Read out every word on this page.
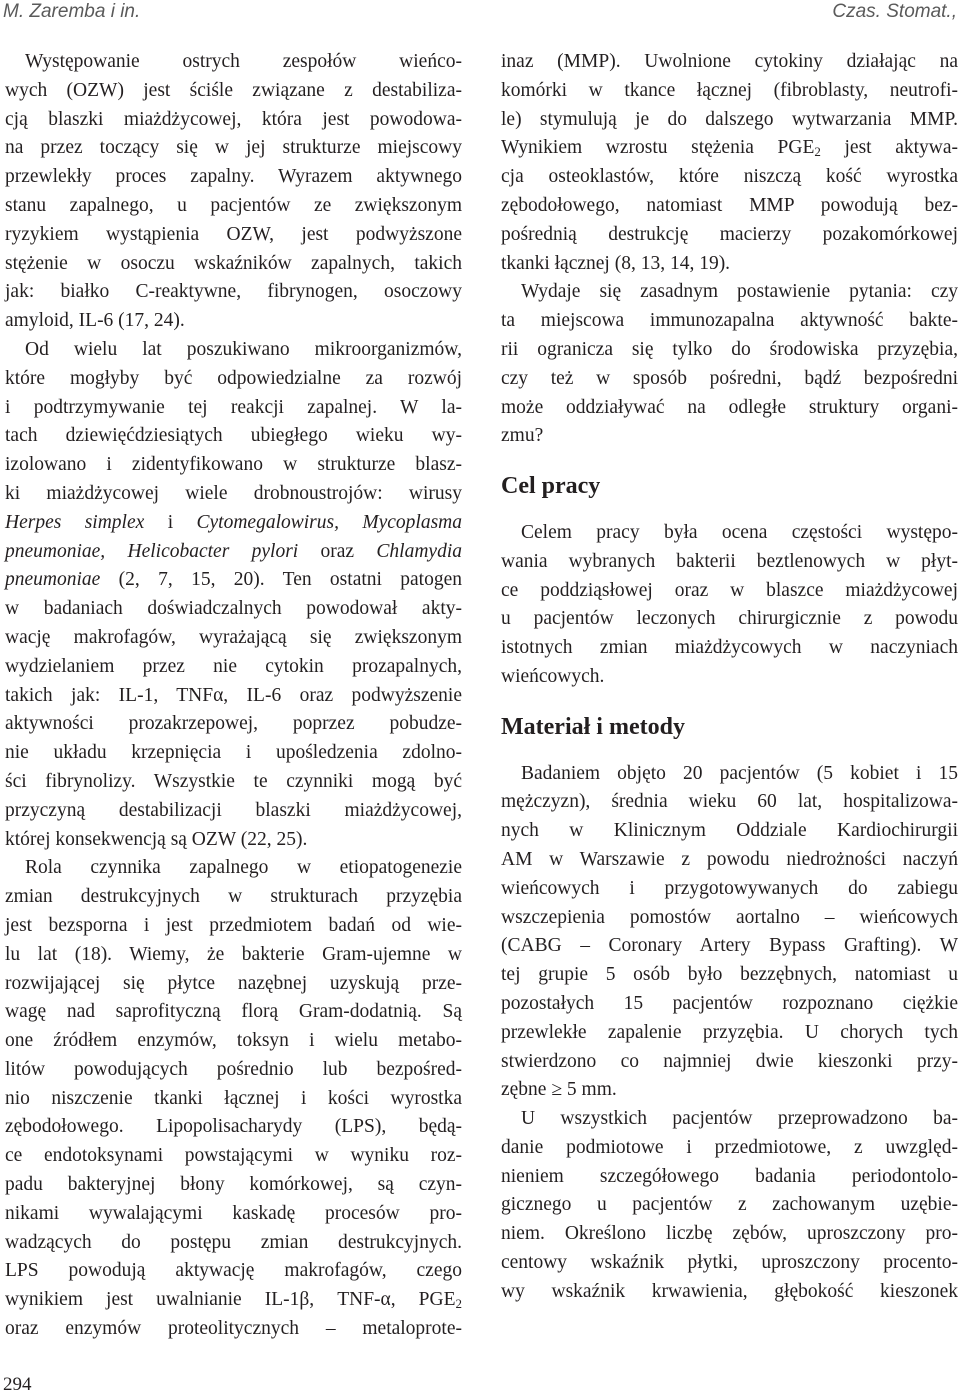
M. Zaremba i in.	Czas. Stomat.,
Występowanie ostrych zespołów wieńco-
wych (OZW) jest ściśle związane z destabiliza-
cją blaszki miażdżycowej, która jest powodowa-
na przez toczący się w jej strukturze miejscowy
przewlekły proces zapalny. Wyrazem aktywnego
stanu zapalnego, u pacjentów ze zwiększonym
ryzykiem wystąpienia OZW, jest podwyższone
stężenie w osoczu wskaźników zapalnych, takich
jak: białko C-reaktywne, fibrynogen, osoczowy
amyloid, IL-6 (17, 24).
Od wielu lat poszukiwano mikroorganizmów,
które mogłyby być odpowiedzialne za rozwój
i podtrzymywanie tej reakcji zapalnej. W la-
tach dziewięćdziesiątych ubiegłego wieku wy-
izolowano i zidentyfikowano w strukturze blasz-
ki miażdżycowej wiele drobnoustrojów: wirusy
Herpes simplex i Cytomegalowirus, Mycoplasma
pneumoniae, Helicobacter pylori oraz Chlamydia
pneumoniae (2, 7, 15, 20). Ten ostatni patogen
w badaniach doświadczalnych powodował akty-
wację makrofagów, wyrażającą się zwiększonym
wydzielaniem przez nie cytokin prozapalnych,
takich jak: IL-1, TNFα, IL-6 oraz podwyższenie
aktywności prozakrzepowej, poprzez pobudze-
nie układu krzepnięcia i upośledzenia zdolno-
ści fibrynolizy. Wszystkie te czynniki mogą być
przyczyną destabilizacji blaszki miażdżycowej,
której konsekwencją są OZW (22, 25).
Rola czynnika zapalnego w etiopatogenezie
zmian destrukcyjnych w strukturach przyzębia
jest bezsporna i jest przedmiotem badań od wie-
lu lat (18). Wiemy, że bakterie Gram-ujemne w
rozwijającej się płytce nazębnej uzyskują prze-
wagę nad saprofityczną florą Gram-dodatnią. Są
one źródłem enzymów, toksyn i wielu metabo-
litów powodujących pośrednio lub bezpośred-
nio niszczenie tkanki łącznej i kości wyrostka
zębodołowego. Lipopolisacharydy (LPS), będą-
ce endotoksynami powstającymi w wyniku roz-
padu bakteryjnej błony komórkowej, są czyn-
nikami wywalającymi kaskadę procesów pro-
wadzących do postępu zmian destrukcyjnych.
LPS powodują aktywację makrofagów, czego
wynikiem jest uwalnianie IL-1β, TNF-α, $PGE_2$
oraz enzymów proteolitycznych – metaloprote-
inaz (MMP). Uwolnione cytokiny działając na
komórki w tkance łącznej (fibroblasty, neutrofi-
le) stymulują je do dalszego wytwarzania MMP.
Wynikiem wzrostu stężenia $PGE_2$ jest aktywa-
cja osteoklastów, które niszczą kość wyrostka
zębodołowego, natomiast MMP powodują bez-
pośrednią destrukcję macierzy pozakomórkowej
tkanki łącznej (8, 13, 14, 19).
Wydaje się zasadnym postawienie pytania: czy
ta miejscowa immunozapalna aktywność bakte-
rii ogranicza się tylko do środowiska przyzębia,
czy też w sposób pośredni, bądź bezpośredni
może oddziaływać na odległe struktury organi-
zmu?
Cel pracy
Celem pracy była ocena częstości występo-
wania wybranych bakterii beztlenowych w płyt-
ce poddziąsłowej oraz w blaszce miażdżycowej
u pacjentów leczonych chirurgicznie z powodu
istotnych zmian miażdżycowych w naczyniach
wieńcowych.
Materiał i metody
Badaniem objęto 20 pacjentów (5 kobiet i 15
mężczyzn), średnia wieku 60 lat, hospitalizowa-
nych w Klinicznym Oddziale Kardiochirurgii
AM w Warszawie z powodu niedrożności naczyń
wieńcowych i przygotowywanych do zabiegu
wszczepienia pomostów aortalno – wieńcowych
(CABG – Coronary Artery Bypass Grafting). W
tej grupie 5 osób było bezzębnych, natomiast u
pozostałych 15 pacjentów rozpoznano ciężkie
przewlekłe zapalenie przyzębia. U chorych tych
stwierdzono co najmniej dwie kieszonki przy-
zębne ≥ 5 mm.
U wszystkich pacjentów przeprowadzono ba-
danie podmiotowe i przedmiotowe, z uwzględ-
nieniem szczegółowego badania periodontolo-
gicznego u pacjentów z zachowanym uzębie-
niem. Określono liczbę zębów, uproszczony pro-
centowy wskaźnik płytki, uproszczony procento-
wy wskaźnik krwawienia, głębokość kieszonek
294
